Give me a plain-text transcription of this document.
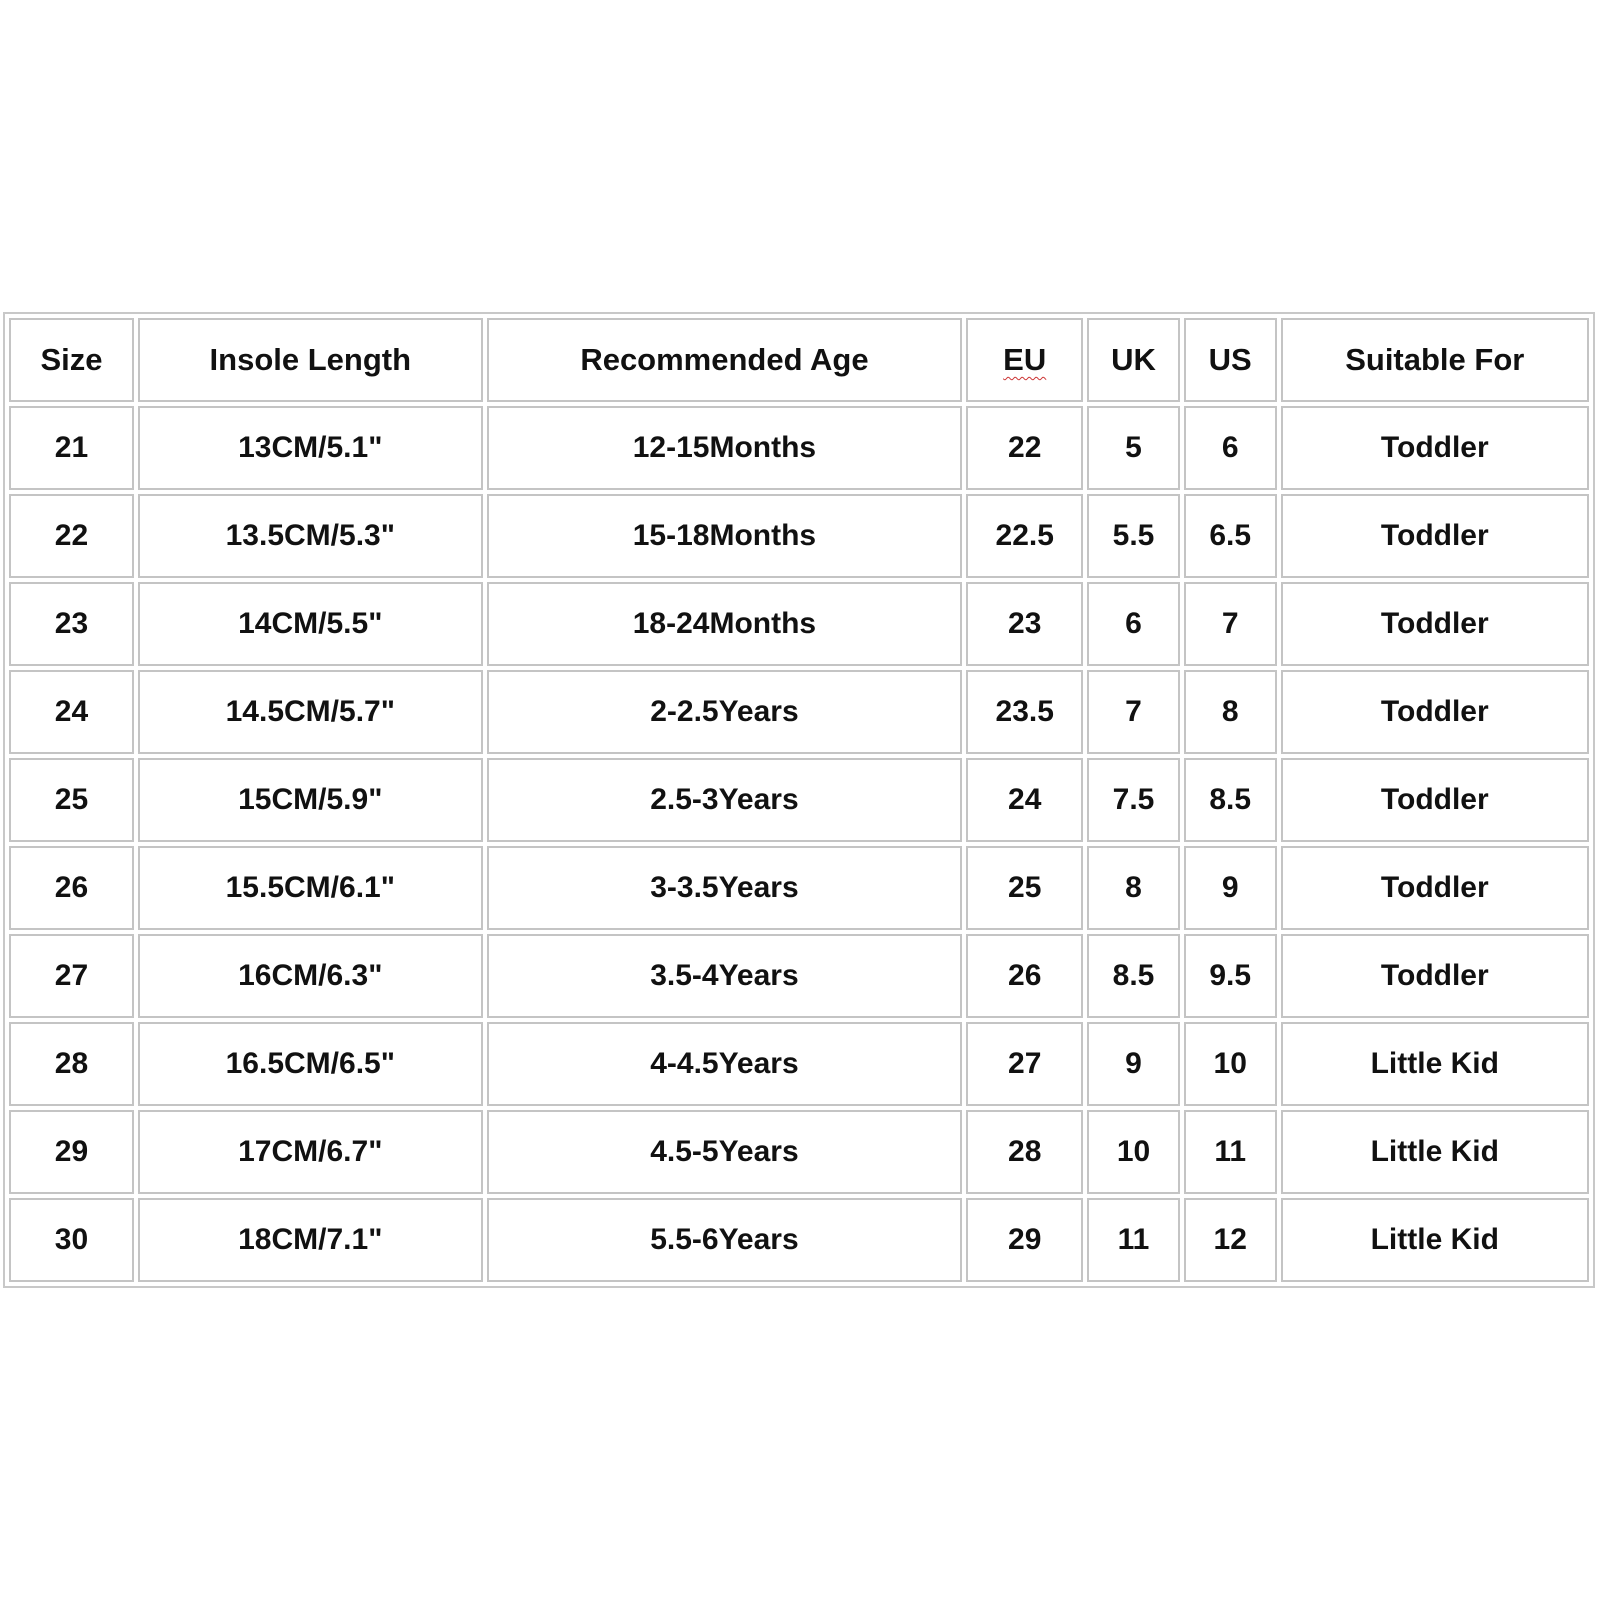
Size	Insole Length	Recommended Age	EU	UK	US	Suitable For
21	13CM/5.1"	12-15Months	22	5	6	Toddler
22	13.5CM/5.3"	15-18Months	22.5	5.5	6.5	Toddler
23	14CM/5.5"	18-24Months	23	6	7	Toddler
24	14.5CM/5.7"	2-2.5Years	23.5	7	8	Toddler
25	15CM/5.9"	2.5-3Years	24	7.5	8.5	Toddler
26	15.5CM/6.1"	3-3.5Years	25	8	9	Toddler
27	16CM/6.3"	3.5-4Years	26	8.5	9.5	Toddler
28	16.5CM/6.5"	4-4.5Years	27	9	10	Little Kid
29	17CM/6.7"	4.5-5Years	28	10	11	Little Kid
30	18CM/7.1"	5.5-6Years	29	11	12	Little Kid
